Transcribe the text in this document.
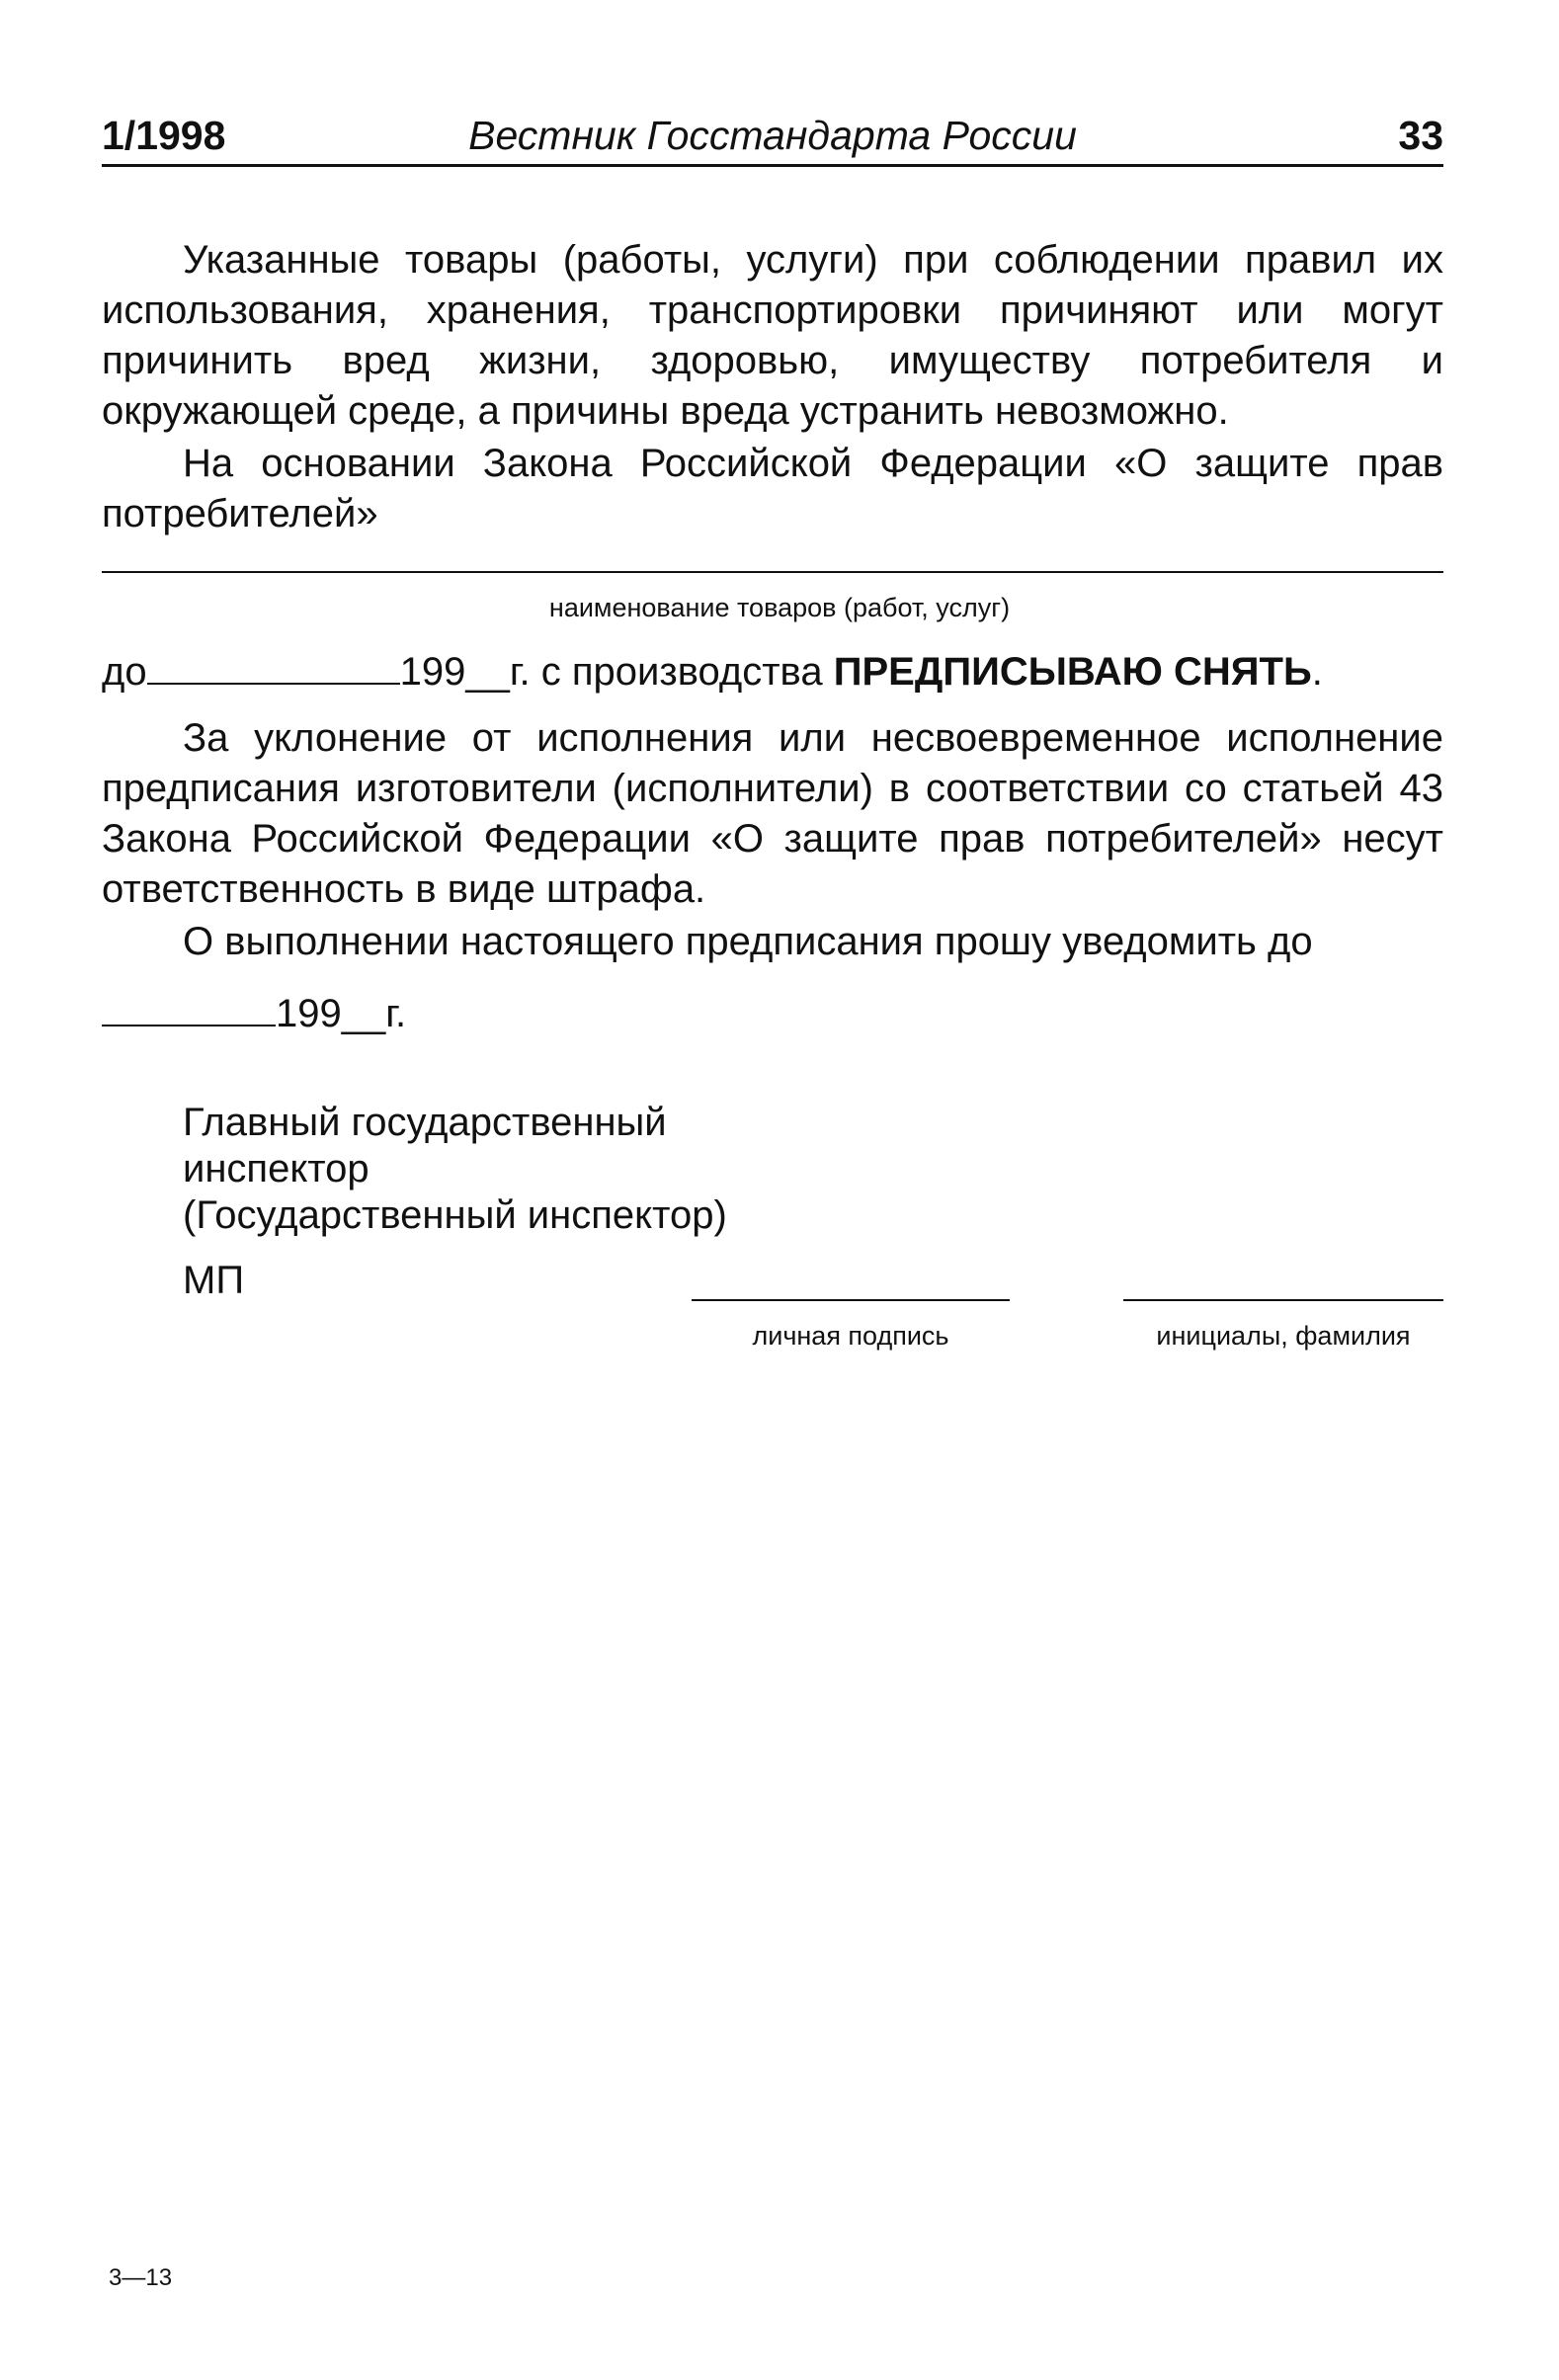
1/1998	Вестник Госстандарта России	33

Указанные товары (работы, услуги) при соблюдении правил их использования, хранения, транспортировки причиняют или могут причинить вред жизни, здоровью, имуществу потребителя и окружающей среде, а причины вреда устранить невозможно.

На основании Закона Российской Федерации «О защите прав потребителей»

наименование товаров (работ, услуг)

до	199__г. с производства ПРЕДПИСЫВАЮ СНЯТЬ.

За уклонение от исполнения или несвоевременное исполнение предписания изготовители (исполнители) в соответствии со статьей 43 Закона Российской Федерации «О защите прав потребителей» несут ответственность в виде штрафа.

О выполнении настоящего предписания прошу уведомить до

199__г.

Главный государственный
инспектор
(Государственный инспектор)

МП
личная подпись	инициалы, фамилия
3—13
